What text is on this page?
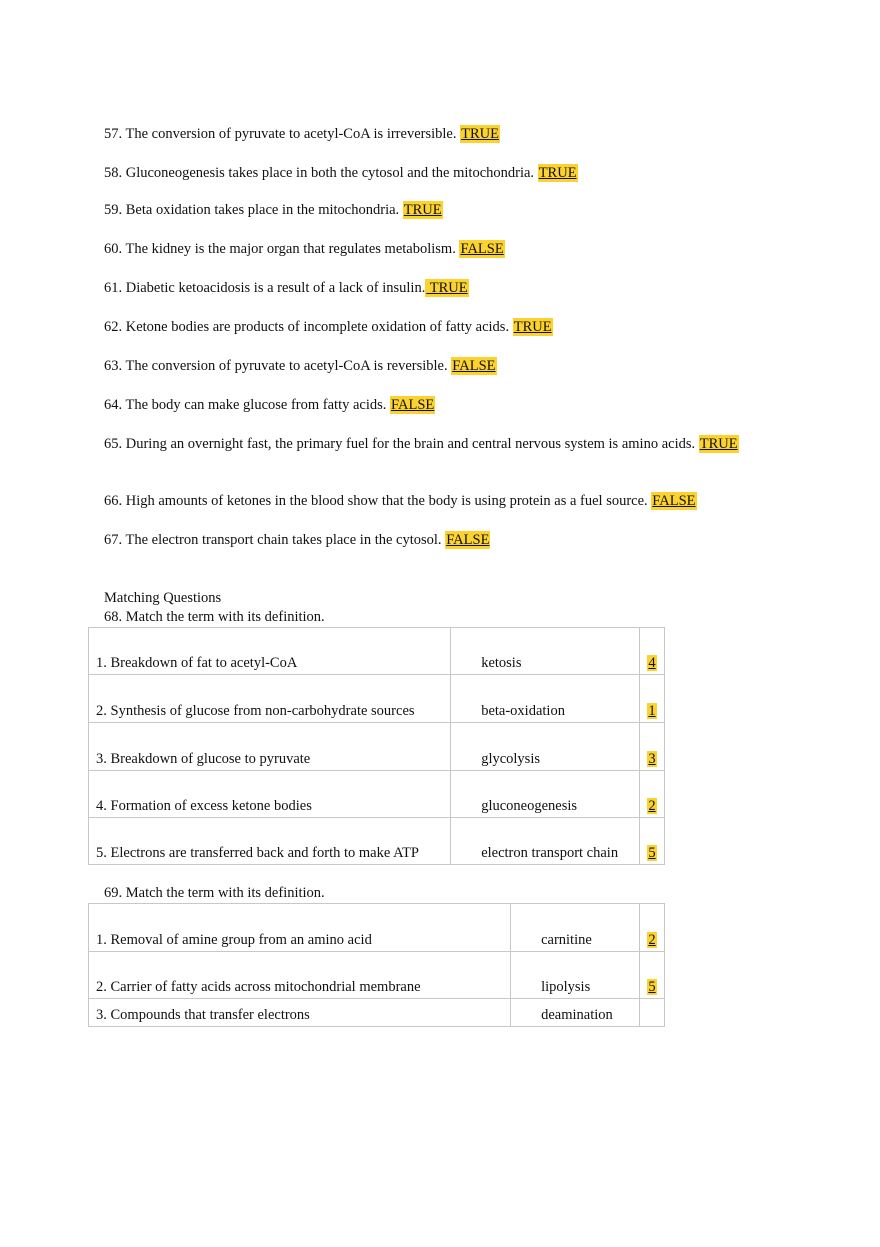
57. The conversion of pyruvate to acetyl-CoA is irreversible. TRUE
58. Gluconeogenesis takes place in both the cytosol and the mitochondria. TRUE
59. Beta oxidation takes place in the mitochondria. TRUE
60. The kidney is the major organ that regulates metabolism. FALSE
61. Diabetic ketoacidosis is a result of a lack of insulin. TRUE
62. Ketone bodies are products of incomplete oxidation of fatty acids. TRUE
63. The conversion of pyruvate to acetyl-CoA is reversible. FALSE
64. The body can make glucose from fatty acids. FALSE
65. During an overnight fast, the primary fuel for the brain and central nervous system is amino acids. TRUE
66. High amounts of ketones in the blood show that the body is using protein as a fuel source. FALSE
67. The electron transport chain takes place in the cytosol. FALSE
Matching Questions
68. Match the term with its definition.
1. Breakdown of fat to acetyl-CoA	ketosis	4
2. Synthesis of glucose from non-carbohydrate sources	beta-oxidation	1
3. Breakdown of glucose to pyruvate	glycolysis	3
4. Formation of excess ketone bodies	gluconeogenesis	2
5. Electrons are transferred back and forth to make ATP	electron transport chain	5
69. Match the term with its definition.
1. Removal of amine group from an amino acid	carnitine	2
2. Carrier of fatty acids across mitochondrial membrane	lipolysis	5
3. Compounds that transfer electrons	deamination	
